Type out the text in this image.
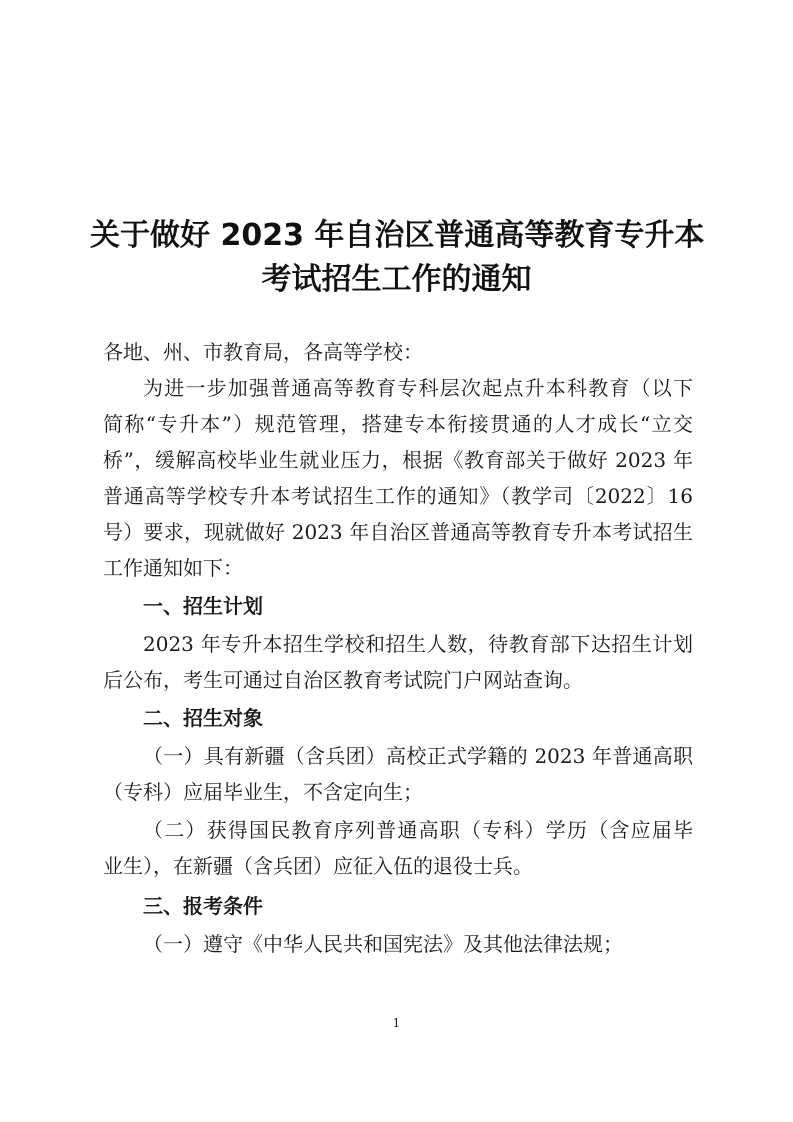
关于做好 2023 年自治区普通高等教育专升本
考试招生工作的通知
各地、州、市教育局，各高等学校：
为进一步加强普通高等教育专科层次起点升本科教育（以下
简称“专升本”）规范管理，搭建专本衔接贯通的人才成长“立交
桥”，缓解高校毕业生就业压力，根据《教育部关于做好 2023 年
普通高等学校专升本考试招生工作的通知》（教学司〔2022〕16
号）要求，现就做好 2023 年自治区普通高等教育专升本考试招生
工作通知如下：
一、招生计划
2023 年专升本招生学校和招生人数，待教育部下达招生计划
后公布，考生可通过自治区教育考试院门户网站查询。
二、招生对象
（一）具有新疆（含兵团）高校正式学籍的 2023 年普通高职
（专科）应届毕业生，不含定向生；
（二）获得国民教育序列普通高职（专科）学历（含应届毕
业生），在新疆（含兵团）应征入伍的退役士兵。
三、报考条件
（一）遵守《中华人民共和国宪法》及其他法律法规；
1
